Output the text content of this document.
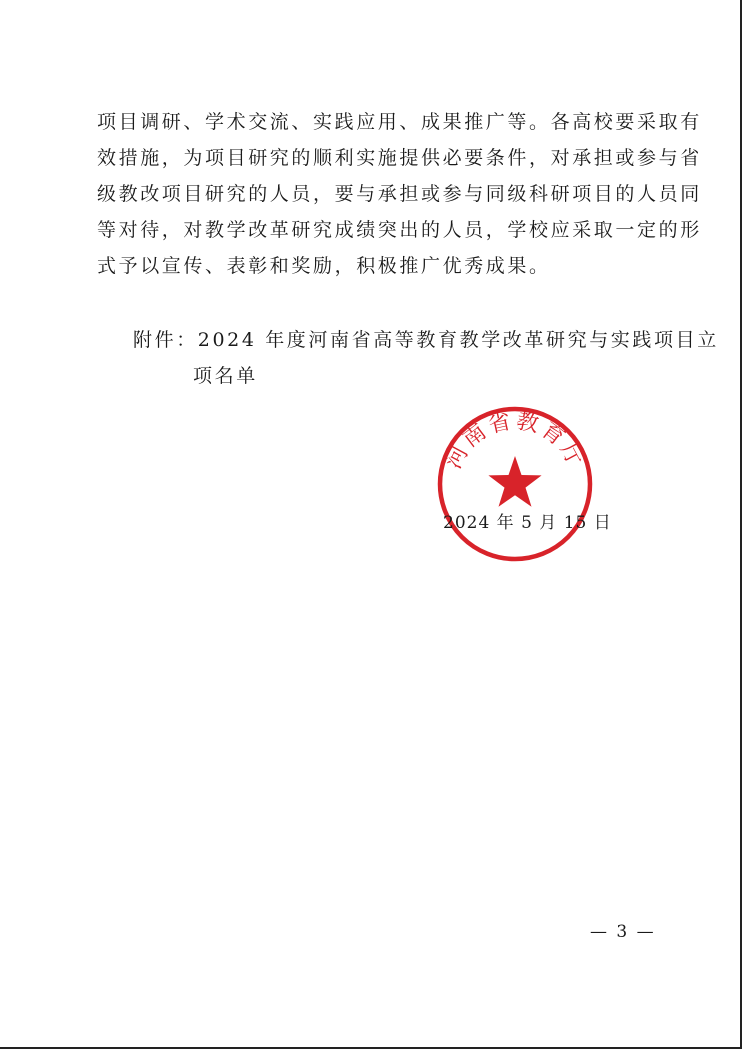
项目调研、学术交流、实践应用、成果推广等。各高校要采取有
效措施，为项目研究的顺利实施提供必要条件，对承担或参与省
级教改项目研究的人员，要与承担或参与同级科研项目的人员同
等对待，对教学改革研究成绩突出的人员，学校应采取一定的形
式予以宣传、表彰和奖励，积极推广优秀成果。
附件：2024 年度河南省高等教育教学改革研究与实践项目立
项名单
河南省教育厅
2024 年 5 月 15 日
— 3 —
